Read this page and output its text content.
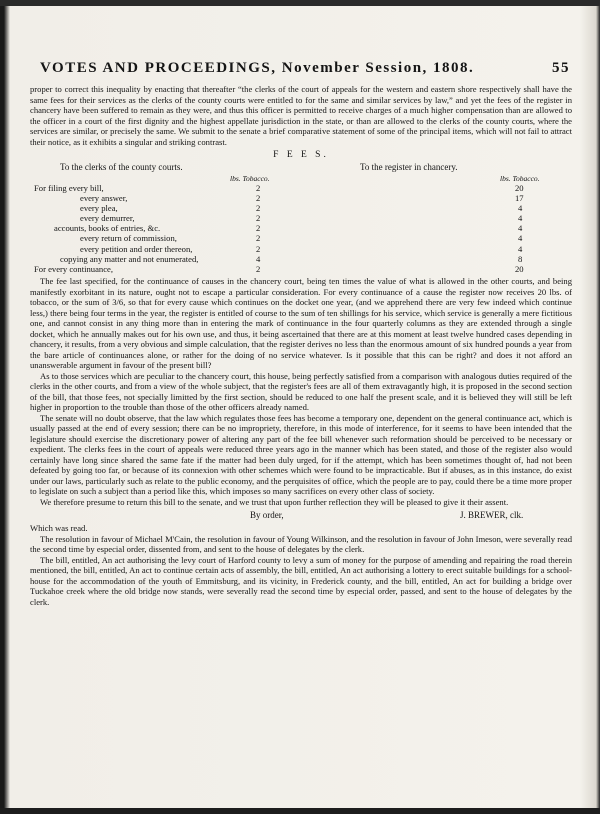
VOTES AND PROCEEDINGS, November Session, 1808.	55

proper to correct this inequality by enacting that thereafter “the clerks of the court of appeals for the western and eastern shore respectively shall have the same fees for their services as the clerks of the county courts were entitled to for the same and similar services by law,” and yet the fees of the register in chancery have been suffered to remain as they were, and thus this officer is permitted to receive charges of a much higher compensation than are allowed to the officer in a court of the first dignity and the highest appellate jurisdiction in the state, or than are allowed to the clerks of the county courts, where the services are similar, or precisely the same. We submit to the senate a brief comparative statement of some of the principal items, which will not fail to attract their notice, as it exhibits a singular and striking contrast.

F E E S.
To the clerks of the county courts.	To the register in chancery.
lbs. Tobacco.	lbs. Tobacco.
For filing every bill,	2	20
every answer,	2	17
every plea,	2	4
every demurrer,	2	4
accounts, books of entries, &c.	2	4
every return of commission,	2	4
every petition and order thereon,	2	4
copying any matter and not enumerated,	4	8
For every continuance,	2	20

The fee last specified, for the continuance of causes in the chancery court, being ten times the value of what is allowed in the other courts, and being manifestly exorbitant in its nature, ought not to escape a particular consideration. For every continuance of a cause the register now receives 20 lbs. of tobacco, or the sum of 3/6, so that for every cause which continues on the docket one year, (and we apprehend there are very few indeed which continue less,) there being four terms in the year, the register is entitled of course to the sum of ten shillings for his service, which service is generally a mere fictitious one, and cannot consist in any thing more than in entering the mark of continuance in the four quarterly columns as they are extended through a single docket, which he annually makes out for his own use, and thus, it being ascertained that there are at this moment at least twelve hundred cases depending in chancery, it results, from a very obvious and simple calculation, that the register derives no less than the enormous amount of six hundred pounds a year from the bare article of continuances alone, or rather for the doing of no service whatever. Is it possible that this can be right? and does it not afford an unanswerable argument in favour of the present bill?

As to those services which are peculiar to the chancery court, this house, being perfectly satisfied from a comparison with analogous duties required of the clerks in the other courts, and from a view of the whole subject, that the register's fees are all of them extravagantly high, it is proposed in the second section of the bill, that those fees, not specially limitted by the first section, should be reduced to one half the present scale, and it is believed they will still be left higher in proportion to the trouble than those of the other officers already named.

The senate will no doubt observe, that the law which regulates those fees has become a temporary one, dependent on the general continuance act, which is usually passed at the end of every session; there can be no impropriety, therefore, in this mode of interference, for it seems to have been intended that the legislature should exercise the discretionary power of altering any part of the fee bill whenever such reformation should be perceived to be necessary or expedient. The clerks fees in the court of appeals were reduced three years ago in the manner which has been stated, and those of the register also would certainly have long since shared the same fate if the matter had been duly urged, for if the attempt, which has been sometimes thought of, had not been defeated by going too far, or because of its connexion with other schemes which were found to be impracticable. But if abuses, as in this instance, do exist under our laws, particularly such as relate to the public economy, and the perquisites of office, which the people are to pay, could there be a time more proper to legislate on such a subject than a period like this, which imposes so many sacrifices on every other class of society.

We therefore presume to return this bill to the senate, and we trust that upon further reflection they will be pleased to give it their assent.

By order,	J. BREWER, clk.

Which was read.

The resolution in favour of Michael M'Cain, the resolution in favour of Young Wilkinson, and the resolution in favour of John Imeson, were severally read the second time by especial order, dissented from, and sent to the house of delegates by the clerk.

The bill, entitled, An act authorising the levy court of Harford county to levy a sum of money for the purpose of amending and repairing the road therein mentioned, the bill, entitled, An act to continue certain acts of assembly, the bill, entitled, An act authorising a lottery to erect suitable buildings for a school-house for the accommodation of the youth of Emmitsburg, and its vicinity, in Frederick county, and the bill, entitled, An act for building a bridge over Tuckahoe creek where the old bridge now stands, were severally read the second time by especial order, passed, and sent to the house of delegates by the clerk.
